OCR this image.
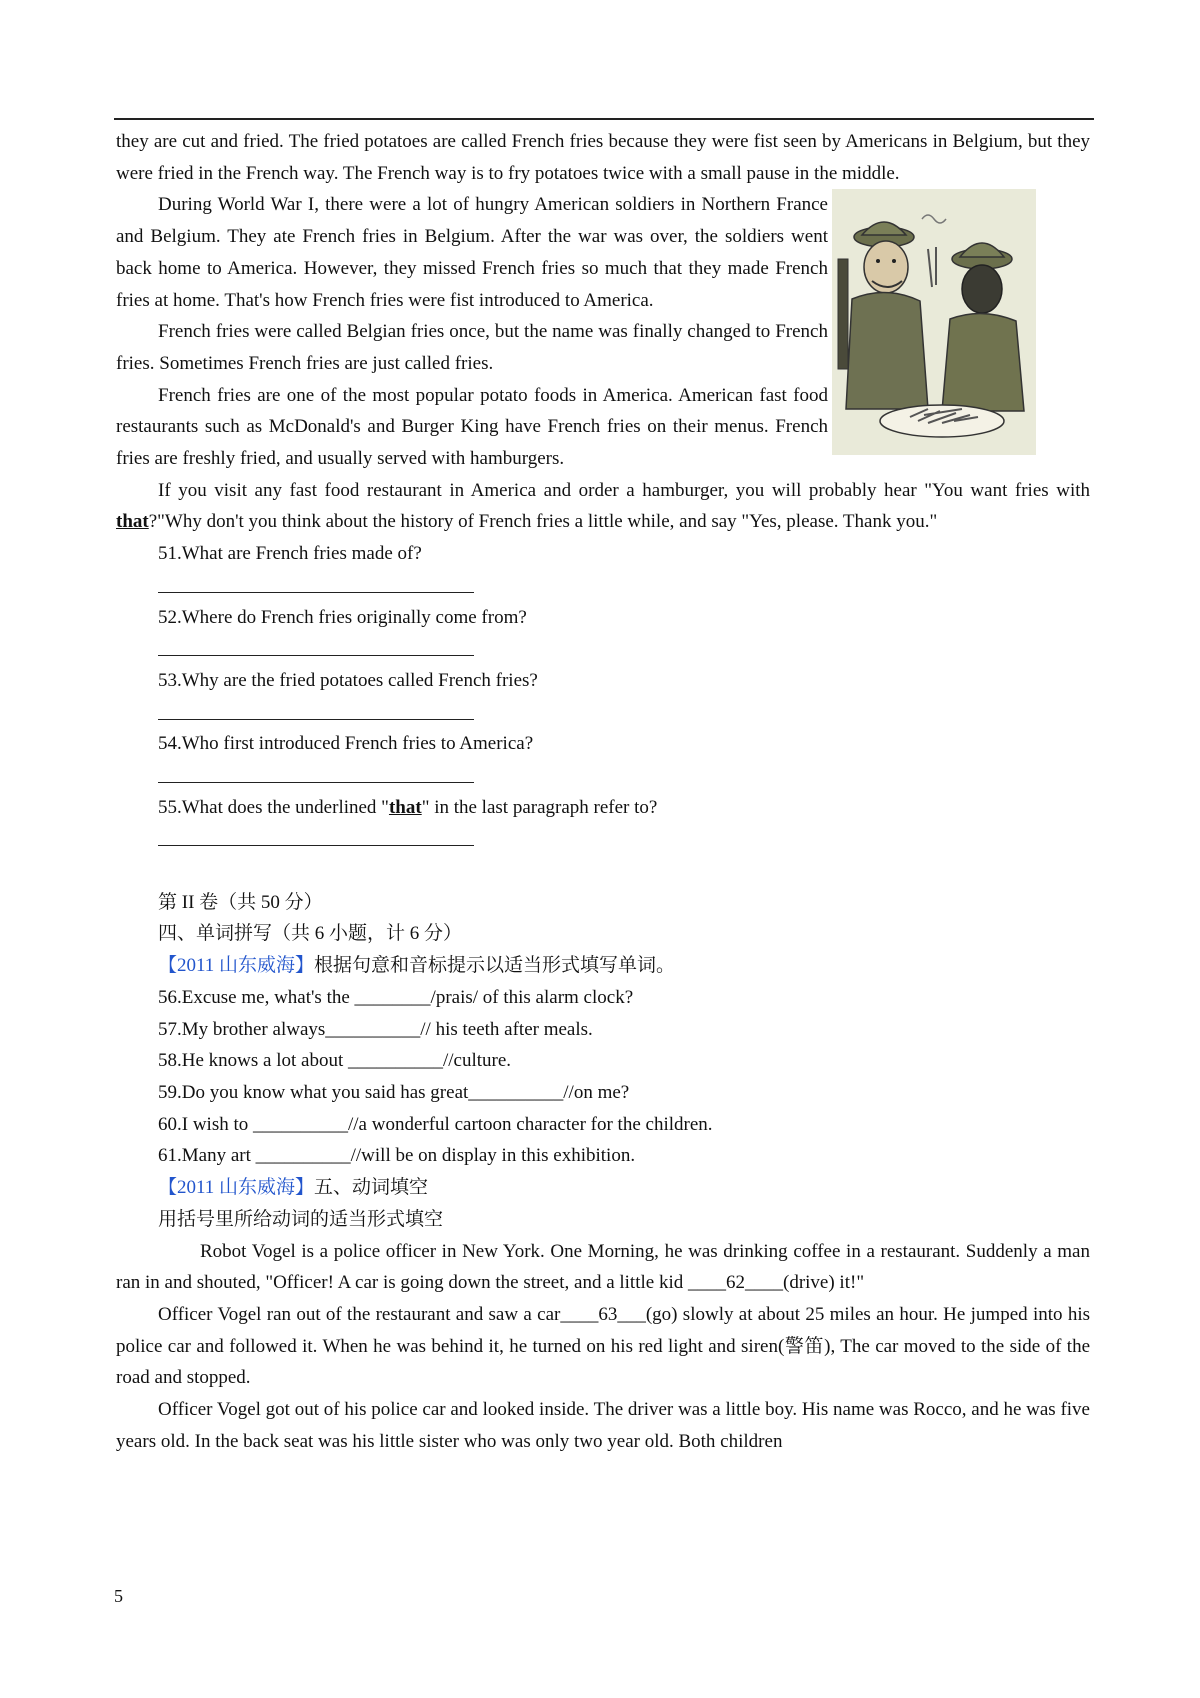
they are cut and fried. The fried potatoes are called French fries because they were fist seen by Americans in Belgium, but they were fried in the French way. The French way is to fry potatoes twice with a small pause in the middle.

During World War I, there were a lot of hungry American soldiers in Northern France and Belgium. They ate French fries in Belgium. After the war was over, the soldiers went back home to America. However, they missed French fries so much that they made French fries at home. That's how French fries were fist introduced to America.

French fries were called Belgian fries once, but the name was finally changed to French fries. Sometimes French fries are just called fries.

French fries are one of the most popular potato foods in America. American fast food restaurants such as McDonald's and Burger King have French fries on their menus. French fries are freshly fried, and usually served with hamburgers.

If you visit any fast food restaurant in America and order a hamburger, you will probably hear "You want fries with that?"Why don't you think about the history of French fries a little while, and say "Yes, please. Thank you."

51.What are French fries made of?

52.Where do French fries originally come from?

53.Why are the fried potatoes called French fries?

54.Who first introduced French fries to America?

55.What does the underlined "that" in the last paragraph refer to?

第 II 卷（共 50 分）

四、单词拼写（共 6 小题，计 6 分）

【2011 山东威海】根据句意和音标提示以适当形式填写单词。

56.Excuse me, what's the ________/prais/ of this alarm clock?

57.My brother always__________// his teeth after meals.

58.He knows a lot about __________//culture.

59.Do you know what you said has great__________//on me?

60.I wish to __________//a wonderful cartoon character for the children.

61.Many art __________//will be on display in this exhibition.

【2011 山东威海】五、动词填空

用括号里所给动词的适当形式填空

Robot Vogel is a police officer in New York. One Morning, he was drinking coffee in a restaurant. Suddenly a man ran in and shouted, "Officer! A car is going down the street, and a little kid ____62____(drive) it!"

Officer Vogel ran out of the restaurant and saw a car____63___(go) slowly at about 25 miles an hour. He jumped into his police car and followed it. When he was behind it, he turned on his red light and siren(警笛), The car moved to the side of the road and stopped.

Officer Vogel got out of his police car and looked inside. The driver was a little boy. His name was Rocco, and he was five years old. In the back seat was his little sister who was only two year old. Both children

5
